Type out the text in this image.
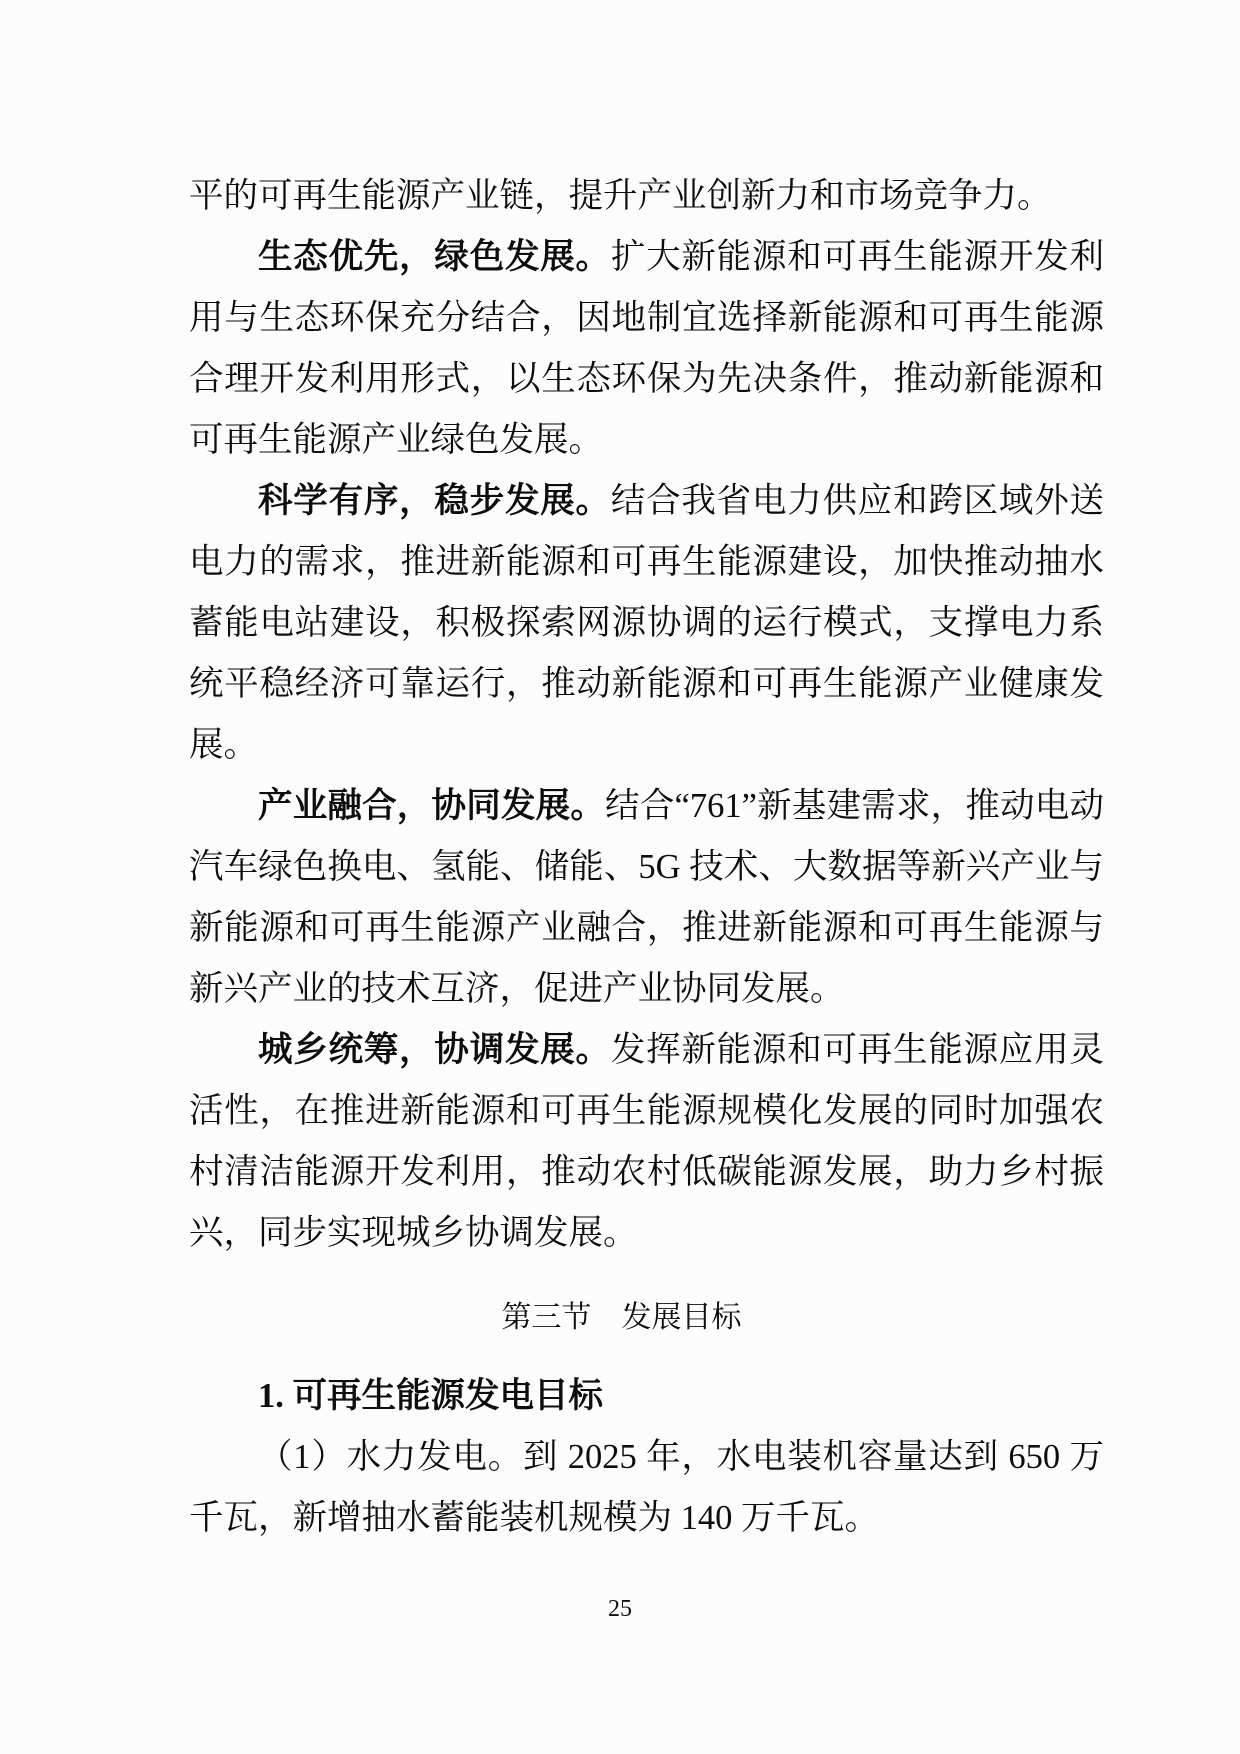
平的可再生能源产业链，提升产业创新力和市场竞争力。

生态优先，绿色发展。扩大新能源和可再生能源开发利用与生态环保充分结合，因地制宜选择新能源和可再生能源合理开发利用形式，以生态环保为先决条件，推动新能源和可再生能源产业绿色发展。

科学有序，稳步发展。结合我省电力供应和跨区域外送电力的需求，推进新能源和可再生能源建设，加快推动抽水蓄能电站建设，积极探索网源协调的运行模式，支撑电力系统平稳经济可靠运行，推动新能源和可再生能源产业健康发展。

产业融合，协同发展。结合“761”新基建需求，推动电动汽车绿色换电、氢能、储能、5G 技术、大数据等新兴产业与新能源和可再生能源产业融合，推进新能源和可再生能源与新兴产业的技术互济，促进产业协同发展。

城乡统筹，协调发展。发挥新能源和可再生能源应用灵活性，在推进新能源和可再生能源规模化发展的同时加强农村清洁能源开发利用，推动农村低碳能源发展，助力乡村振兴，同步实现城乡协调发展。

第三节　发展目标
1. 可再生能源发电目标

（1）水力发电。到 2025 年，水电装机容量达到 650 万千瓦，新增抽水蓄能装机规模为 140 万千瓦。

25
